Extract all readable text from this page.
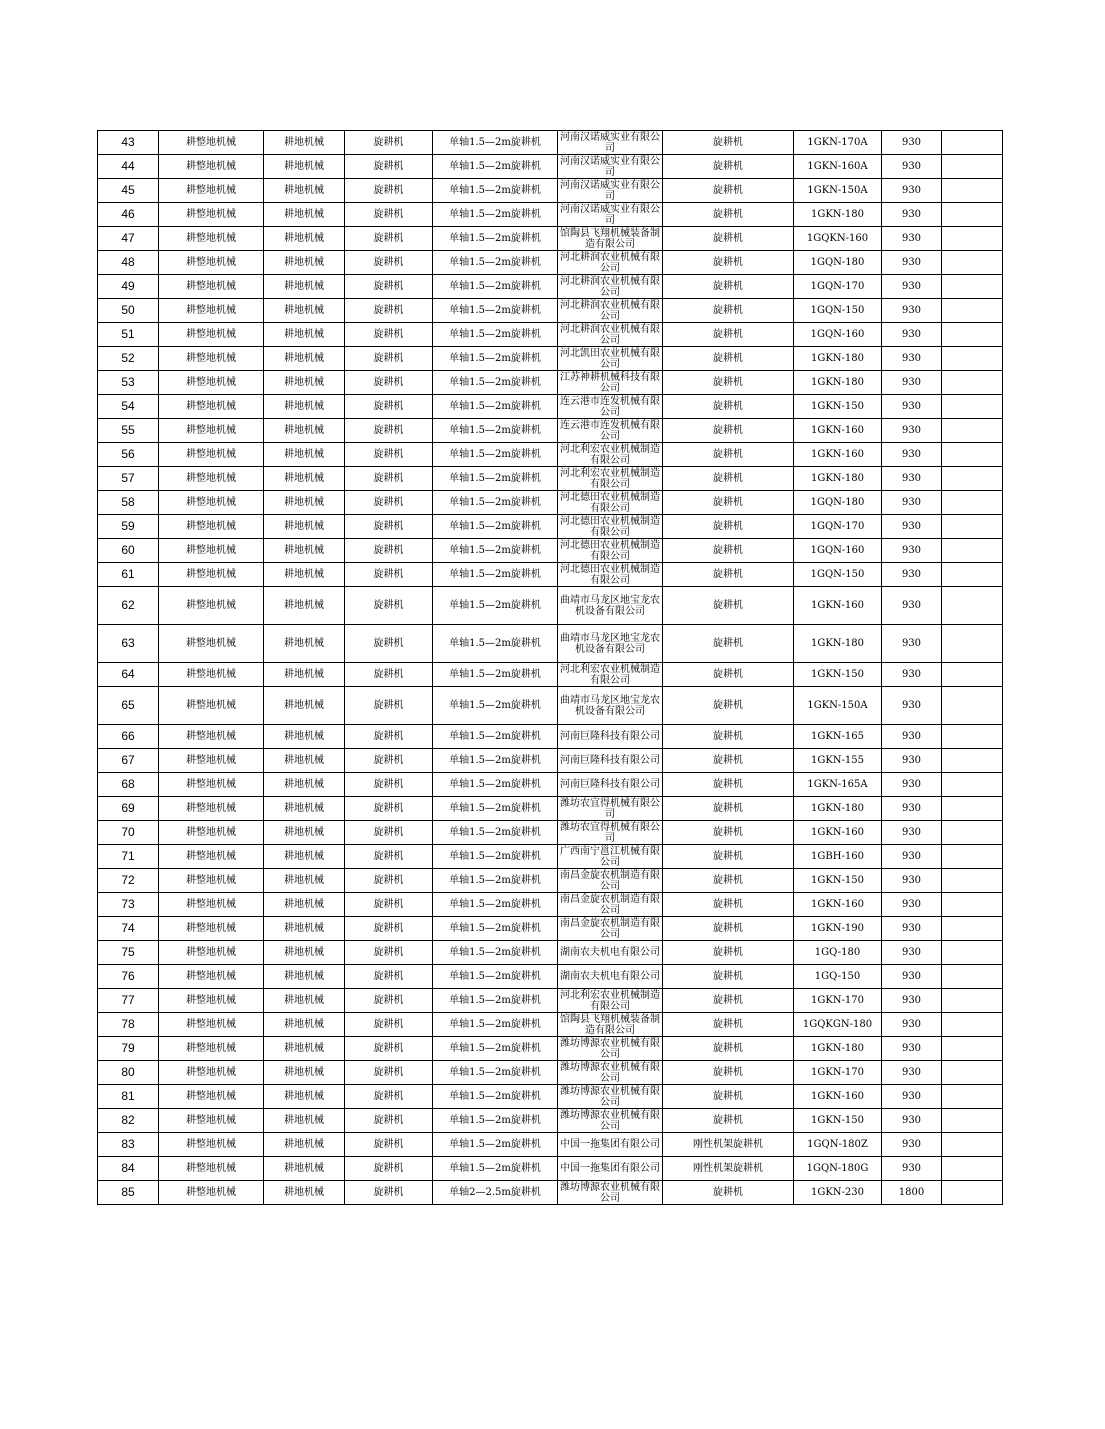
43	耕整地机械	耕地机械	旋耕机	单轴1.5—2m旋耕机	河南汉诺威实业有限公司	旋耕机	1GKN-170A	930	
44	耕整地机械	耕地机械	旋耕机	单轴1.5—2m旋耕机	河南汉诺威实业有限公司	旋耕机	1GKN-160A	930	
45	耕整地机械	耕地机械	旋耕机	单轴1.5—2m旋耕机	河南汉诺威实业有限公司	旋耕机	1GKN-150A	930	
46	耕整地机械	耕地机械	旋耕机	单轴1.5—2m旋耕机	河南汉诺威实业有限公司	旋耕机	1GKN-180	930	
47	耕整地机械	耕地机械	旋耕机	单轴1.5—2m旋耕机	馆陶县飞翔机械装备制造有限公司	旋耕机	1GQKN-160	930	
48	耕整地机械	耕地机械	旋耕机	单轴1.5—2m旋耕机	河北耕润农业机械有限公司	旋耕机	1GQN-180	930	
49	耕整地机械	耕地机械	旋耕机	单轴1.5—2m旋耕机	河北耕润农业机械有限公司	旋耕机	1GQN-170	930	
50	耕整地机械	耕地机械	旋耕机	单轴1.5—2m旋耕机	河北耕润农业机械有限公司	旋耕机	1GQN-150	930	
51	耕整地机械	耕地机械	旋耕机	单轴1.5—2m旋耕机	河北耕润农业机械有限公司	旋耕机	1GQN-160	930	
52	耕整地机械	耕地机械	旋耕机	单轴1.5—2m旋耕机	河北凯田农业机械有限公司	旋耕机	1GKN-180	930	
53	耕整地机械	耕地机械	旋耕机	单轴1.5—2m旋耕机	江苏神耕机械科技有限公司	旋耕机	1GKN-180	930	
54	耕整地机械	耕地机械	旋耕机	单轴1.5—2m旋耕机	连云港市连发机械有限公司	旋耕机	1GKN-150	930	
55	耕整地机械	耕地机械	旋耕机	单轴1.5—2m旋耕机	连云港市连发机械有限公司	旋耕机	1GKN-160	930	
56	耕整地机械	耕地机械	旋耕机	单轴1.5—2m旋耕机	河北利宏农业机械制造有限公司	旋耕机	1GKN-160	930	
57	耕整地机械	耕地机械	旋耕机	单轴1.5—2m旋耕机	河北利宏农业机械制造有限公司	旋耕机	1GKN-180	930	
58	耕整地机械	耕地机械	旋耕机	单轴1.5—2m旋耕机	河北德田农业机械制造有限公司	旋耕机	1GQN-180	930	
59	耕整地机械	耕地机械	旋耕机	单轴1.5—2m旋耕机	河北德田农业机械制造有限公司	旋耕机	1GQN-170	930	
60	耕整地机械	耕地机械	旋耕机	单轴1.5—2m旋耕机	河北德田农业机械制造有限公司	旋耕机	1GQN-160	930	
61	耕整地机械	耕地机械	旋耕机	单轴1.5—2m旋耕机	河北德田农业机械制造有限公司	旋耕机	1GQN-150	930	
62	耕整地机械	耕地机械	旋耕机	单轴1.5—2m旋耕机	曲靖市马龙区地宝龙农机设备有限公司	旋耕机	1GKN-160	930	
63	耕整地机械	耕地机械	旋耕机	单轴1.5—2m旋耕机	曲靖市马龙区地宝龙农机设备有限公司	旋耕机	1GKN-180	930	
64	耕整地机械	耕地机械	旋耕机	单轴1.5—2m旋耕机	河北利宏农业机械制造有限公司	旋耕机	1GKN-150	930	
65	耕整地机械	耕地机械	旋耕机	单轴1.5—2m旋耕机	曲靖市马龙区地宝龙农机设备有限公司	旋耕机	1GKN-150A	930	
66	耕整地机械	耕地机械	旋耕机	单轴1.5—2m旋耕机	河南巨隆科技有限公司	旋耕机	1GKN-165	930	
67	耕整地机械	耕地机械	旋耕机	单轴1.5—2m旋耕机	河南巨隆科技有限公司	旋耕机	1GKN-155	930	
68	耕整地机械	耕地机械	旋耕机	单轴1.5—2m旋耕机	河南巨隆科技有限公司	旋耕机	1GKN-165A	930	
69	耕整地机械	耕地机械	旋耕机	单轴1.5—2m旋耕机	潍坊农宜得机械有限公司	旋耕机	1GKN-180	930	
70	耕整地机械	耕地机械	旋耕机	单轴1.5—2m旋耕机	潍坊农宜得机械有限公司	旋耕机	1GKN-160	930	
71	耕整地机械	耕地机械	旋耕机	单轴1.5—2m旋耕机	广西南宁邕江机械有限公司	旋耕机	1GBH-160	930	
72	耕整地机械	耕地机械	旋耕机	单轴1.5—2m旋耕机	南昌金旋农机制造有限公司	旋耕机	1GKN-150	930	
73	耕整地机械	耕地机械	旋耕机	单轴1.5—2m旋耕机	南昌金旋农机制造有限公司	旋耕机	1GKN-160	930	
74	耕整地机械	耕地机械	旋耕机	单轴1.5—2m旋耕机	南昌金旋农机制造有限公司	旋耕机	1GKN-190	930	
75	耕整地机械	耕地机械	旋耕机	单轴1.5—2m旋耕机	湖南农夫机电有限公司	旋耕机	1GQ-180	930	
76	耕整地机械	耕地机械	旋耕机	单轴1.5—2m旋耕机	湖南农夫机电有限公司	旋耕机	1GQ-150	930	
77	耕整地机械	耕地机械	旋耕机	单轴1.5—2m旋耕机	河北利宏农业机械制造有限公司	旋耕机	1GKN-170	930	
78	耕整地机械	耕地机械	旋耕机	单轴1.5—2m旋耕机	馆陶县飞翔机械装备制造有限公司	旋耕机	1GQKGN-180	930	
79	耕整地机械	耕地机械	旋耕机	单轴1.5—2m旋耕机	潍坊博源农业机械有限公司	旋耕机	1GKN-180	930	
80	耕整地机械	耕地机械	旋耕机	单轴1.5—2m旋耕机	潍坊博源农业机械有限公司	旋耕机	1GKN-170	930	
81	耕整地机械	耕地机械	旋耕机	单轴1.5—2m旋耕机	潍坊博源农业机械有限公司	旋耕机	1GKN-160	930	
82	耕整地机械	耕地机械	旋耕机	单轴1.5—2m旋耕机	潍坊博源农业机械有限公司	旋耕机	1GKN-150	930	
83	耕整地机械	耕地机械	旋耕机	单轴1.5—2m旋耕机	中国一拖集团有限公司	刚性机架旋耕机	1GQN-180Z	930	
84	耕整地机械	耕地机械	旋耕机	单轴1.5—2m旋耕机	中国一拖集团有限公司	刚性机架旋耕机	1GQN-180G	930	
85	耕整地机械	耕地机械	旋耕机	单轴2—2.5m旋耕机	潍坊博源农业机械有限公司	旋耕机	1GKN-230	1800	
